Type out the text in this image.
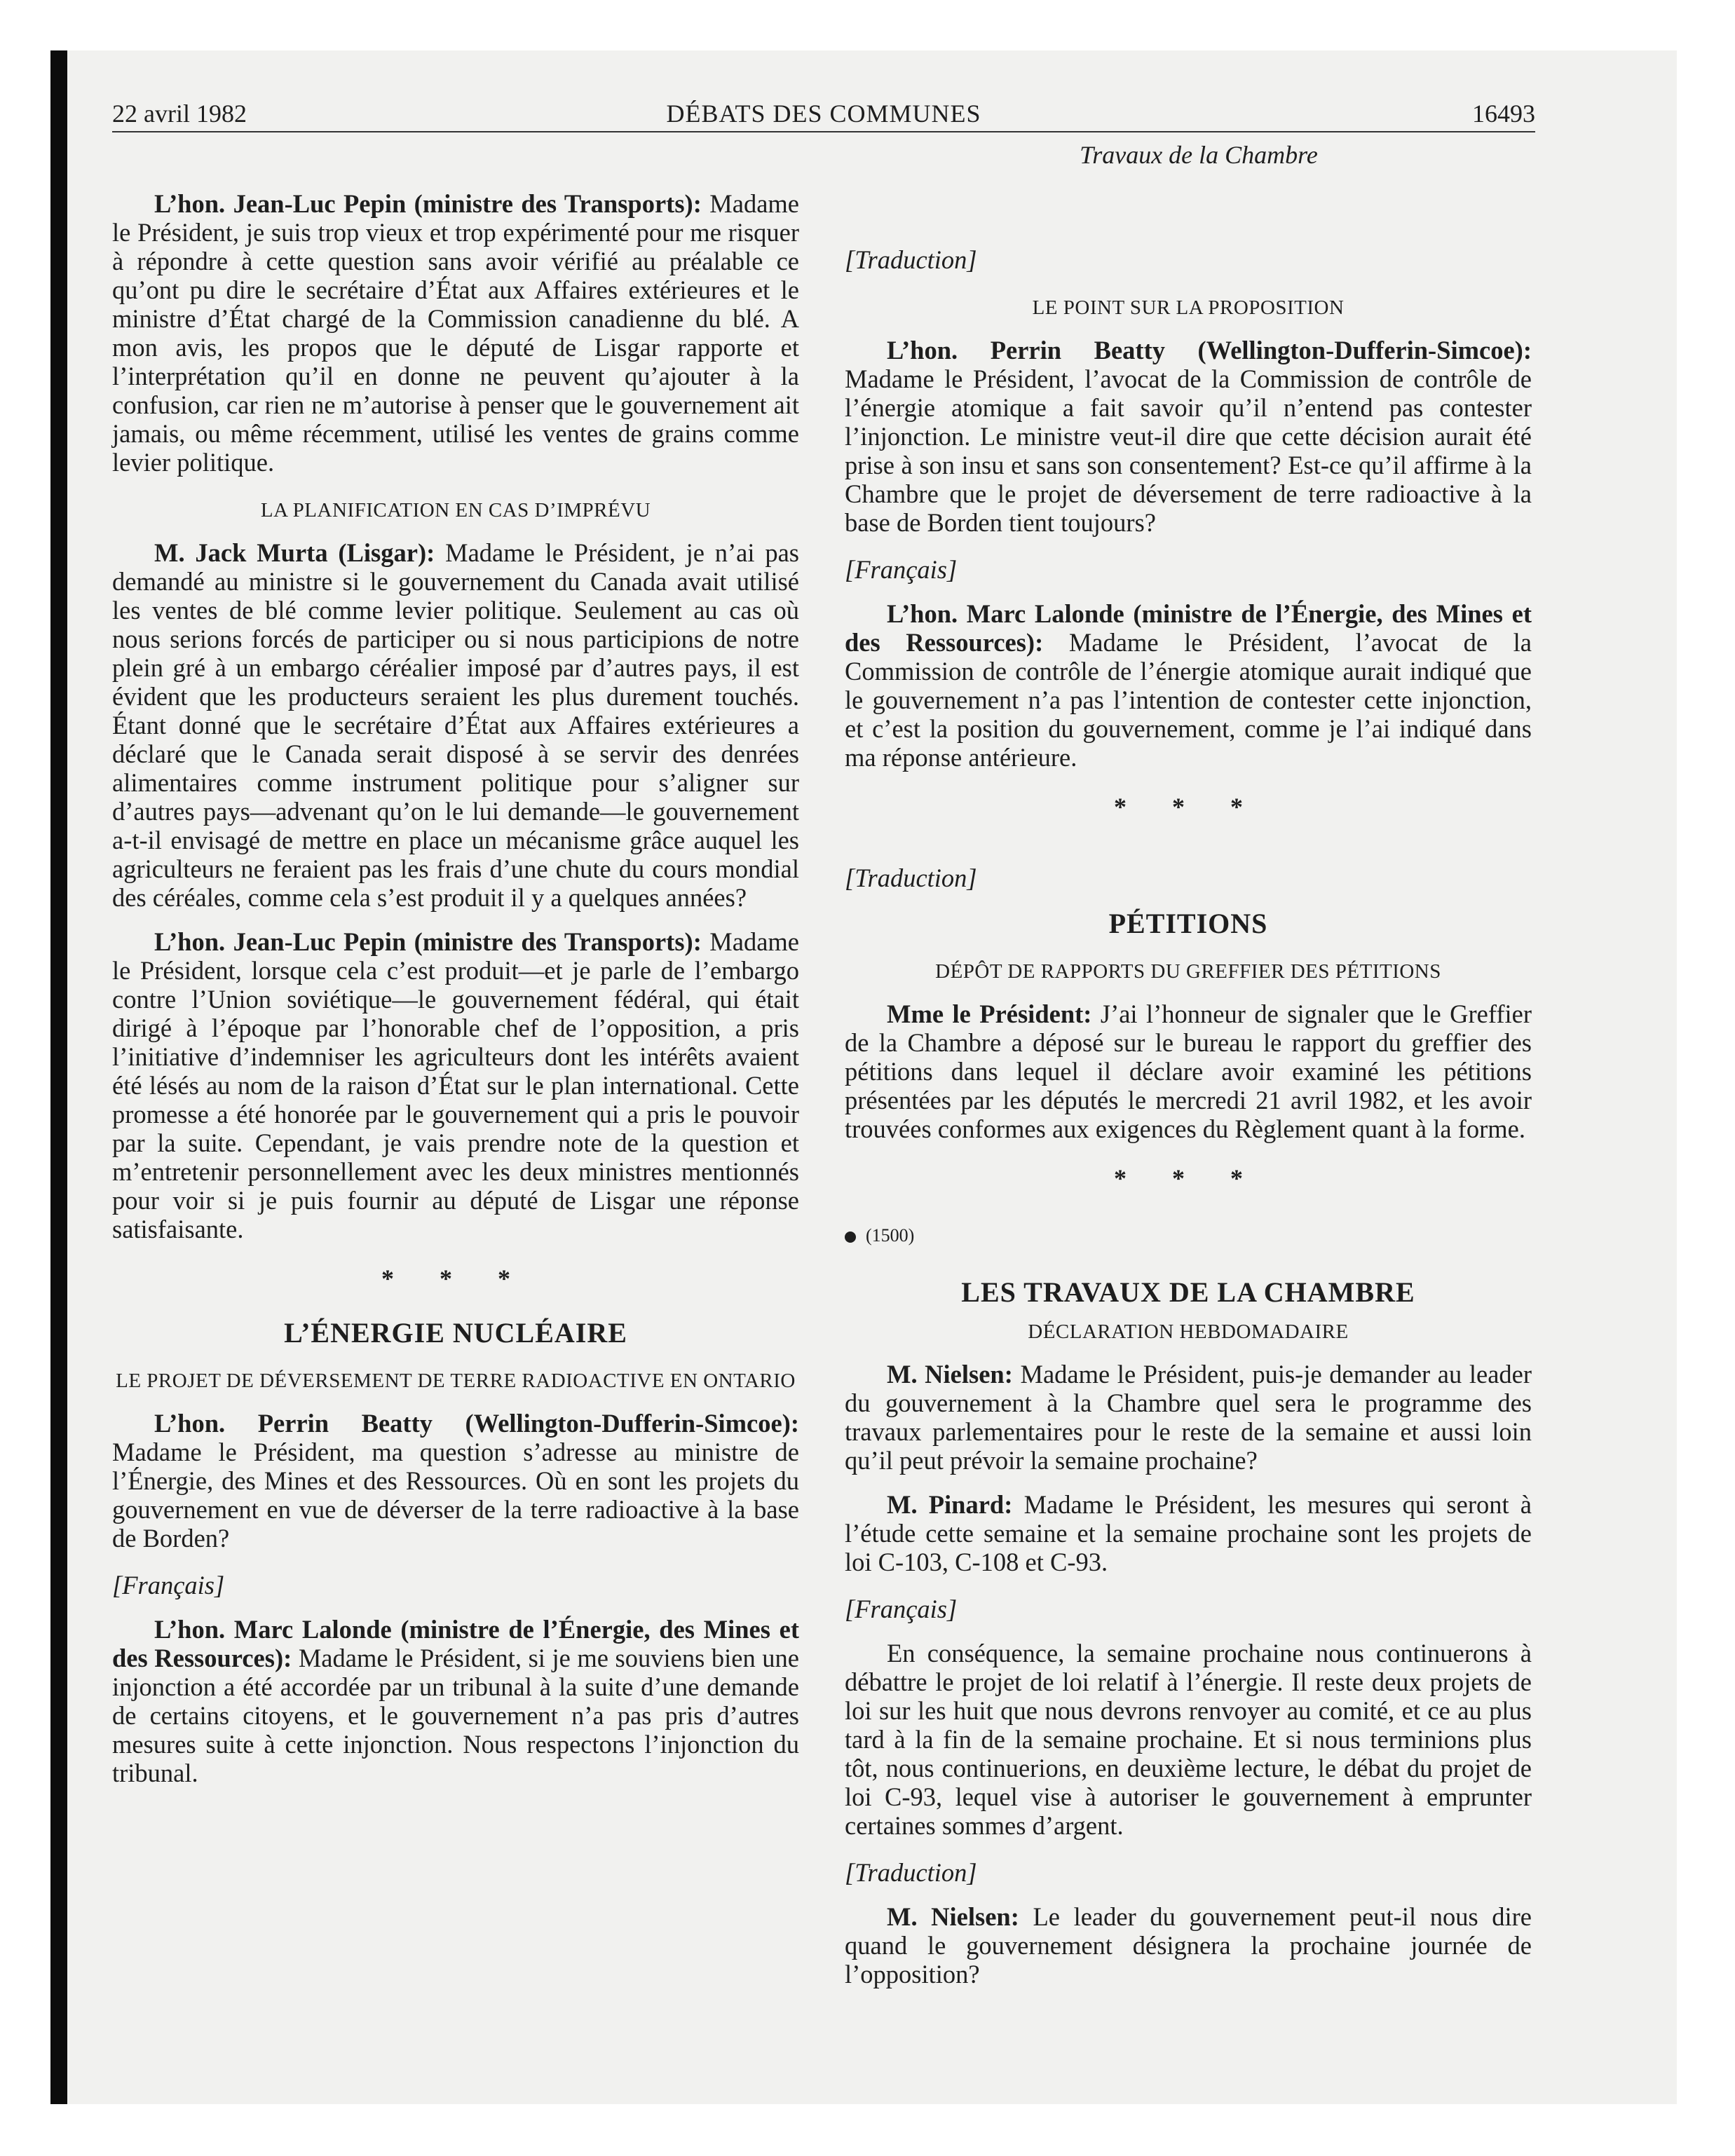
22 avril 1982	DÉBATS DES COMMUNES	16493
Travaux de la Chambre

L’hon. Jean-Luc Pepin (ministre des Transports): Madame le Président, je suis trop vieux et trop expérimenté pour me risquer à répondre à cette question sans avoir vérifié au préalable ce qu’ont pu dire le secrétaire d’État aux Affaires extérieures et le ministre d’État chargé de la Commission canadienne du blé. A mon avis, les propos que le député de Lisgar rapporte et l’interprétation qu’il en donne ne peuvent qu’ajouter à la confusion, car rien ne m’autorise à penser que le gouvernement ait jamais, ou même récemment, utilisé les ventes de grains comme levier politique.

LA PLANIFICATION EN CAS D’IMPRÉVU

M. Jack Murta (Lisgar): Madame le Président, je n’ai pas demandé au ministre si le gouvernement du Canada avait utilisé les ventes de blé comme levier politique. Seulement au cas où nous serions forcés de participer ou si nous participions de notre plein gré à un embargo céréalier imposé par d’autres pays, il est évident que les producteurs seraient les plus durement touchés. Étant donné que le secrétaire d’État aux Affaires extérieures a déclaré que le Canada serait disposé à se servir des denrées alimentaires comme instrument politique pour s’aligner sur d’autres pays—advenant qu’on le lui demande—le gouvernement a-t-il envisagé de mettre en place un mécanisme grâce auquel les agriculteurs ne feraient pas les frais d’une chute du cours mondial des céréales, comme cela s’est produit il y a quelques années?

L’hon. Jean-Luc Pepin (ministre des Transports): Madame le Président, lorsque cela c’est produit—et je parle de l’embargo contre l’Union soviétique—le gouvernement fédéral, qui était dirigé à l’époque par l’honorable chef de l’opposition, a pris l’initiative d’indemniser les agriculteurs dont les intérêts avaient été lésés au nom de la raison d’État sur le plan international. Cette promesse a été honorée par le gouvernement qui a pris le pouvoir par la suite. Cependant, je vais prendre note de la question et m’entretenir personnellement avec les deux ministres mentionnés pour voir si je puis fournir au député de Lisgar une réponse satisfaisante.

* * *
L’ÉNERGIE NUCLÉAIRE
LE PROJET DE DÉVERSEMENT DE TERRE RADIOACTIVE EN ONTARIO

L’hon. Perrin Beatty (Wellington-Dufferin-Simcoe): Madame le Président, ma question s’adresse au ministre de l’Énergie, des Mines et des Ressources. Où en sont les projets du gouvernement en vue de déverser de la terre radioactive à la base de Borden?

[Français]

L’hon. Marc Lalonde (ministre de l’Énergie, des Mines et des Ressources): Madame le Président, si je me souviens bien une injonction a été accordée par un tribunal à la suite d’une demande de certains citoyens, et le gouvernement n’a pas pris d’autres mesures suite à cette injonction. Nous respectons l’injonction du tribunal.

[Traduction]
LE POINT SUR LA PROPOSITION

L’hon. Perrin Beatty (Wellington-Dufferin-Simcoe): Madame le Président, l’avocat de la Commission de contrôle de l’énergie atomique a fait savoir qu’il n’entend pas contester l’injonction. Le ministre veut-il dire que cette décision aurait été prise à son insu et sans son consentement? Est-ce qu’il affirme à la Chambre que le projet de déversement de terre radioactive à la base de Borden tient toujours?

[Français]

L’hon. Marc Lalonde (ministre de l’Énergie, des Mines et des Ressources): Madame le Président, l’avocat de la Commission de contrôle de l’énergie atomique aurait indiqué que le gouvernement n’a pas l’intention de contester cette injonction, et c’est la position du gouvernement, comme je l’ai indiqué dans ma réponse antérieure.

* * *
[Traduction]
PÉTITIONS
DÉPÔT DE RAPPORTS DU GREFFIER DES PÉTITIONS

Mme le Président: J’ai l’honneur de signaler que le Greffier de la Chambre a déposé sur le bureau le rapport du greffier des pétitions dans lequel il déclare avoir examiné les pétitions présentées par les députés le mercredi 21 avril 1982, et les avoir trouvées conformes aux exigences du Règlement quant à la forme.

* * *
(1500)
LES TRAVAUX DE LA CHAMBRE
DÉCLARATION HEBDOMADAIRE

M. Nielsen: Madame le Président, puis-je demander au leader du gouvernement à la Chambre quel sera le programme des travaux parlementaires pour le reste de la semaine et aussi loin qu’il peut prévoir la semaine prochaine?

M. Pinard: Madame le Président, les mesures qui seront à l’étude cette semaine et la semaine prochaine sont les projets de loi C-103, C-108 et C-93.

[Français]

En conséquence, la semaine prochaine nous continuerons à débattre le projet de loi relatif à l’énergie. Il reste deux projets de loi sur les huit que nous devrons renvoyer au comité, et ce au plus tard à la fin de la semaine prochaine. Et si nous terminions plus tôt, nous continuerions, en deuxième lecture, le débat du projet de loi C-93, lequel vise à autoriser le gouvernement à emprunter certaines sommes d’argent.

[Traduction]

M. Nielsen: Le leader du gouvernement peut-il nous dire quand le gouvernement désignera la prochaine journée de l’opposition?
